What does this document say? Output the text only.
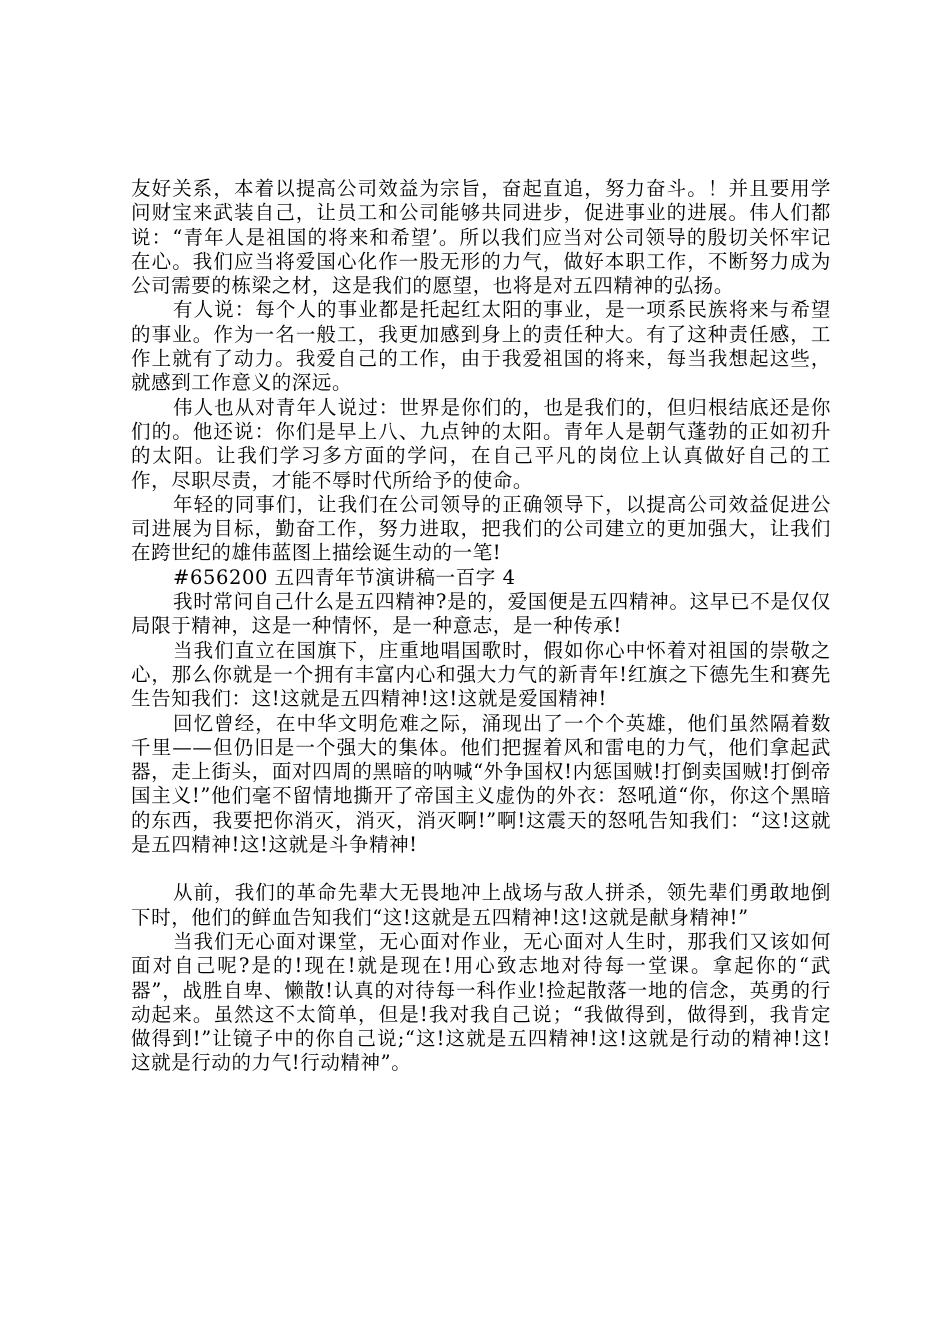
友好关系，本着以提高公司效益为宗旨，奋起直追，努力奋斗。！并且要用学问财宝来武装自己，让员工和公司能够共同进步，促进事业的进展。伟人们都说：“青年人是祖国的将来和希望’。所以我们应当对公司领导的殷切关怀牢记在心。我们应当将爱国心化作一股无形的力气，做好本职工作，不断努力成为公司需要的栋梁之材，这是我们的愿望，也将是对五四精神的弘扬。

有人说：每个人的事业都是托起红太阳的事业，是一项系民族将来与希望的事业。作为一名一般工，我更加感到身上的责任种大。有了这种责任感，工作上就有了动力。我爱自己的工作，由于我爱祖国的将来，每当我想起这些，就感到工作意义的深远。

伟人也从对青年人说过：世界是你们的，也是我们的，但归根结底还是你们的。他还说：你们是早上八、九点钟的太阳。青年人是朝气蓬勃的正如初升的太阳。让我们学习多方面的学问，在自己平凡的岗位上认真做好自己的工作，尽职尽责，才能不辱时代所给予的使命。

年轻的同事们，让我们在公司领导的正确领导下，以提高公司效益促进公司进展为目标，勤奋工作，努力进取，把我们的公司建立的更加强大，让我们在跨世纪的雄伟蓝图上描绘诞生动的一笔!

#656200 五四青年节演讲稿一百字 4

我时常问自己什么是五四精神?是的，爱国便是五四精神。这早已不是仅仅局限于精神，这是一种情怀，是一种意志，是一种传承!

当我们直立在国旗下，庄重地唱国歌时，假如你心中怀着对祖国的崇敬之心，那么你就是一个拥有丰富内心和强大力气的新青年!红旗之下德先生和赛先生告知我们：这!这就是五四精神!这!这就是爱国精神!

回忆曾经，在中华文明危难之际，涌现出了一个个英雄，他们虽然隔着数千里——但仍旧是一个强大的集体。他们把握着风和雷电的力气，他们拿起武器，走上街头，面对四周的黑暗的呐喊“外争国权!内惩国贼!打倒卖国贼!打倒帝国主义!”他们毫不留情地撕开了帝国主义虚伪的外衣：怒吼道“你，你这个黑暗的东西，我要把你消灭，消灭，消灭啊!”啊!这震天的怒吼告知我们：“这!这就是五四精神!这!这就是斗争精神!

从前，我们的革命先辈大无畏地冲上战场与敌人拼杀，领先辈们勇敢地倒下时，他们的鲜血告知我们“这!这就是五四精神!这!这就是献身精神!”

当我们无心面对课堂，无心面对作业，无心面对人生时，那我们又该如何面对自己呢?是的!现在!就是现在!用心致志地对待每一堂课。拿起你的“武器”，战胜自卑、懒散!认真的对待每一科作业!捡起散落一地的信念，英勇的行动起来。虽然这不太简单，但是!我对我自己说；“我做得到，做得到，我肯定做得到!”让镜子中的你自己说;“这!这就是五四精神!这!这就是行动的精神!这!这就是行动的力气!行动精神”。
